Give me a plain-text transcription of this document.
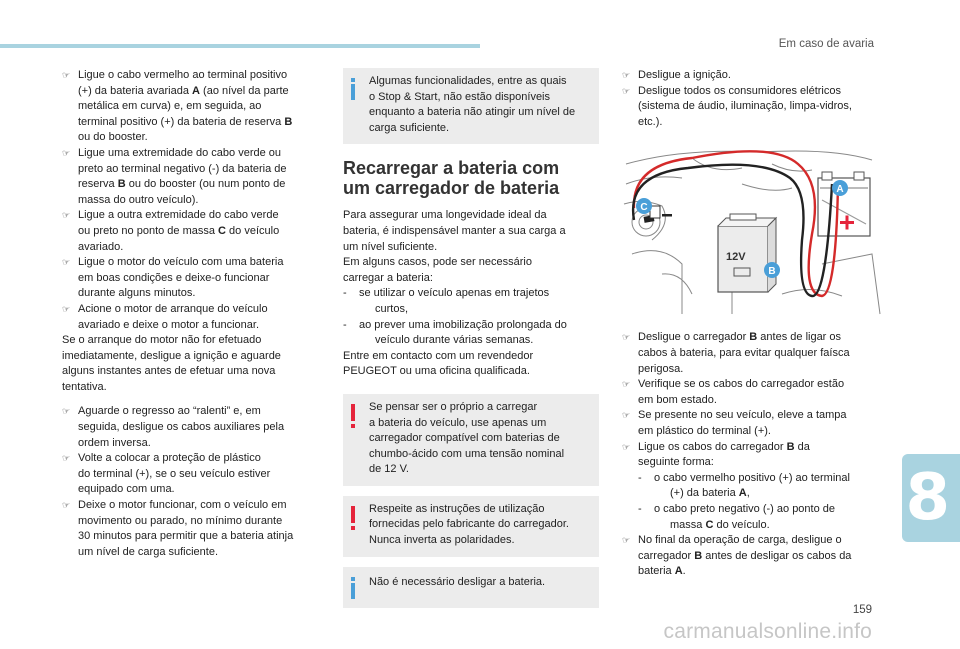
Em caso de avaria
8
159
carmanualsonline.info
☞ Ligue o cabo vermelho ao terminal positivo
(+) da bateria avariada A (ao nível da parte
metálica em curva) e, em seguida, ao
terminal positivo (+) da bateria de reserva B
ou do booster.
☞ Ligue uma extremidade do cabo verde ou
preto ao terminal negativo (-) da bateria de
reserva B ou do booster (ou num ponto de
massa do outro veículo).
☞ Ligue a outra extremidade do cabo verde
ou preto no ponto de massa C do veículo
avariado.
☞ Ligue o motor do veículo com uma bateria
em boas condições e deixe-o funcionar
durante alguns minutos.
☞ Acione o motor de arranque do veículo
avariado e deixe o motor a funcionar.

Se o arranque do motor não for efetuado
imediatamente, desligue a ignição e aguarde
alguns instantes antes de efetuar uma nova
tentativa.

☞ Aguarde o regresso ao “ralenti” e, em
seguida, desligue os cabos auxiliares pela
ordem inversa.
☞ Volte a colocar a proteção de plástico
do terminal (+), se o seu veículo estiver
equipado com uma.
☞ Deixe o motor funcionar, com o veículo em
movimento ou parado, no mínimo durante
30 minutos para permitir que a bateria atinja
um nível de carga suficiente.
Algumas funcionalidades, entre as quais
o Stop & Start, não estão disponíveis
enquanto a bateria não atingir um nível de
carga suficiente.
Recarregar a bateria com
um carregador de bateria

Para assegurar uma longevidade ideal da
bateria, é indispensável manter a sua carga a
um nível suficiente.
Em alguns casos, pode ser necessário
carregar a bateria:

- se utilizar o veículo apenas em trajetos
curtos,
- ao prever uma imobilização prolongada do
veículo durante várias semanas.

Entre em contacto com um revendedor
PEUGEOT ou uma oficina qualificada.

Se pensar ser o próprio a carregar
a bateria do veículo, use apenas um
carregador compatível com baterias de
chumbo-ácido com uma tensão nominal
de 12 V.
Respeite as instruções de utilização
fornecidas pelo fabricante do carregador.
Nunca inverta as polaridades.
Não é necessário desligar a bateria.
☞ Desligue a ignição.
☞ Desligue todos os consumidores elétricos
(sistema de áudio, iluminação, limpa-vidros,
etc.).
12V
A
B
C
☞ Desligue o carregador B antes de ligar os
cabos à bateria, para evitar qualquer faísca
perigosa.
☞ Verifique se os cabos do carregador estão
em bom estado.
☞ Se presente no seu veículo, eleve a tampa
em plástico do terminal (+).
☞ Ligue os cabos do carregador B da
seguinte forma:
- o cabo vermelho positivo (+) ao terminal
(+) da bateria A,
- o cabo preto negativo (-) ao ponto de
massa C do veículo.
☞ No final da operação de carga, desligue o
carregador B antes de desligar os cabos da
bateria A.
